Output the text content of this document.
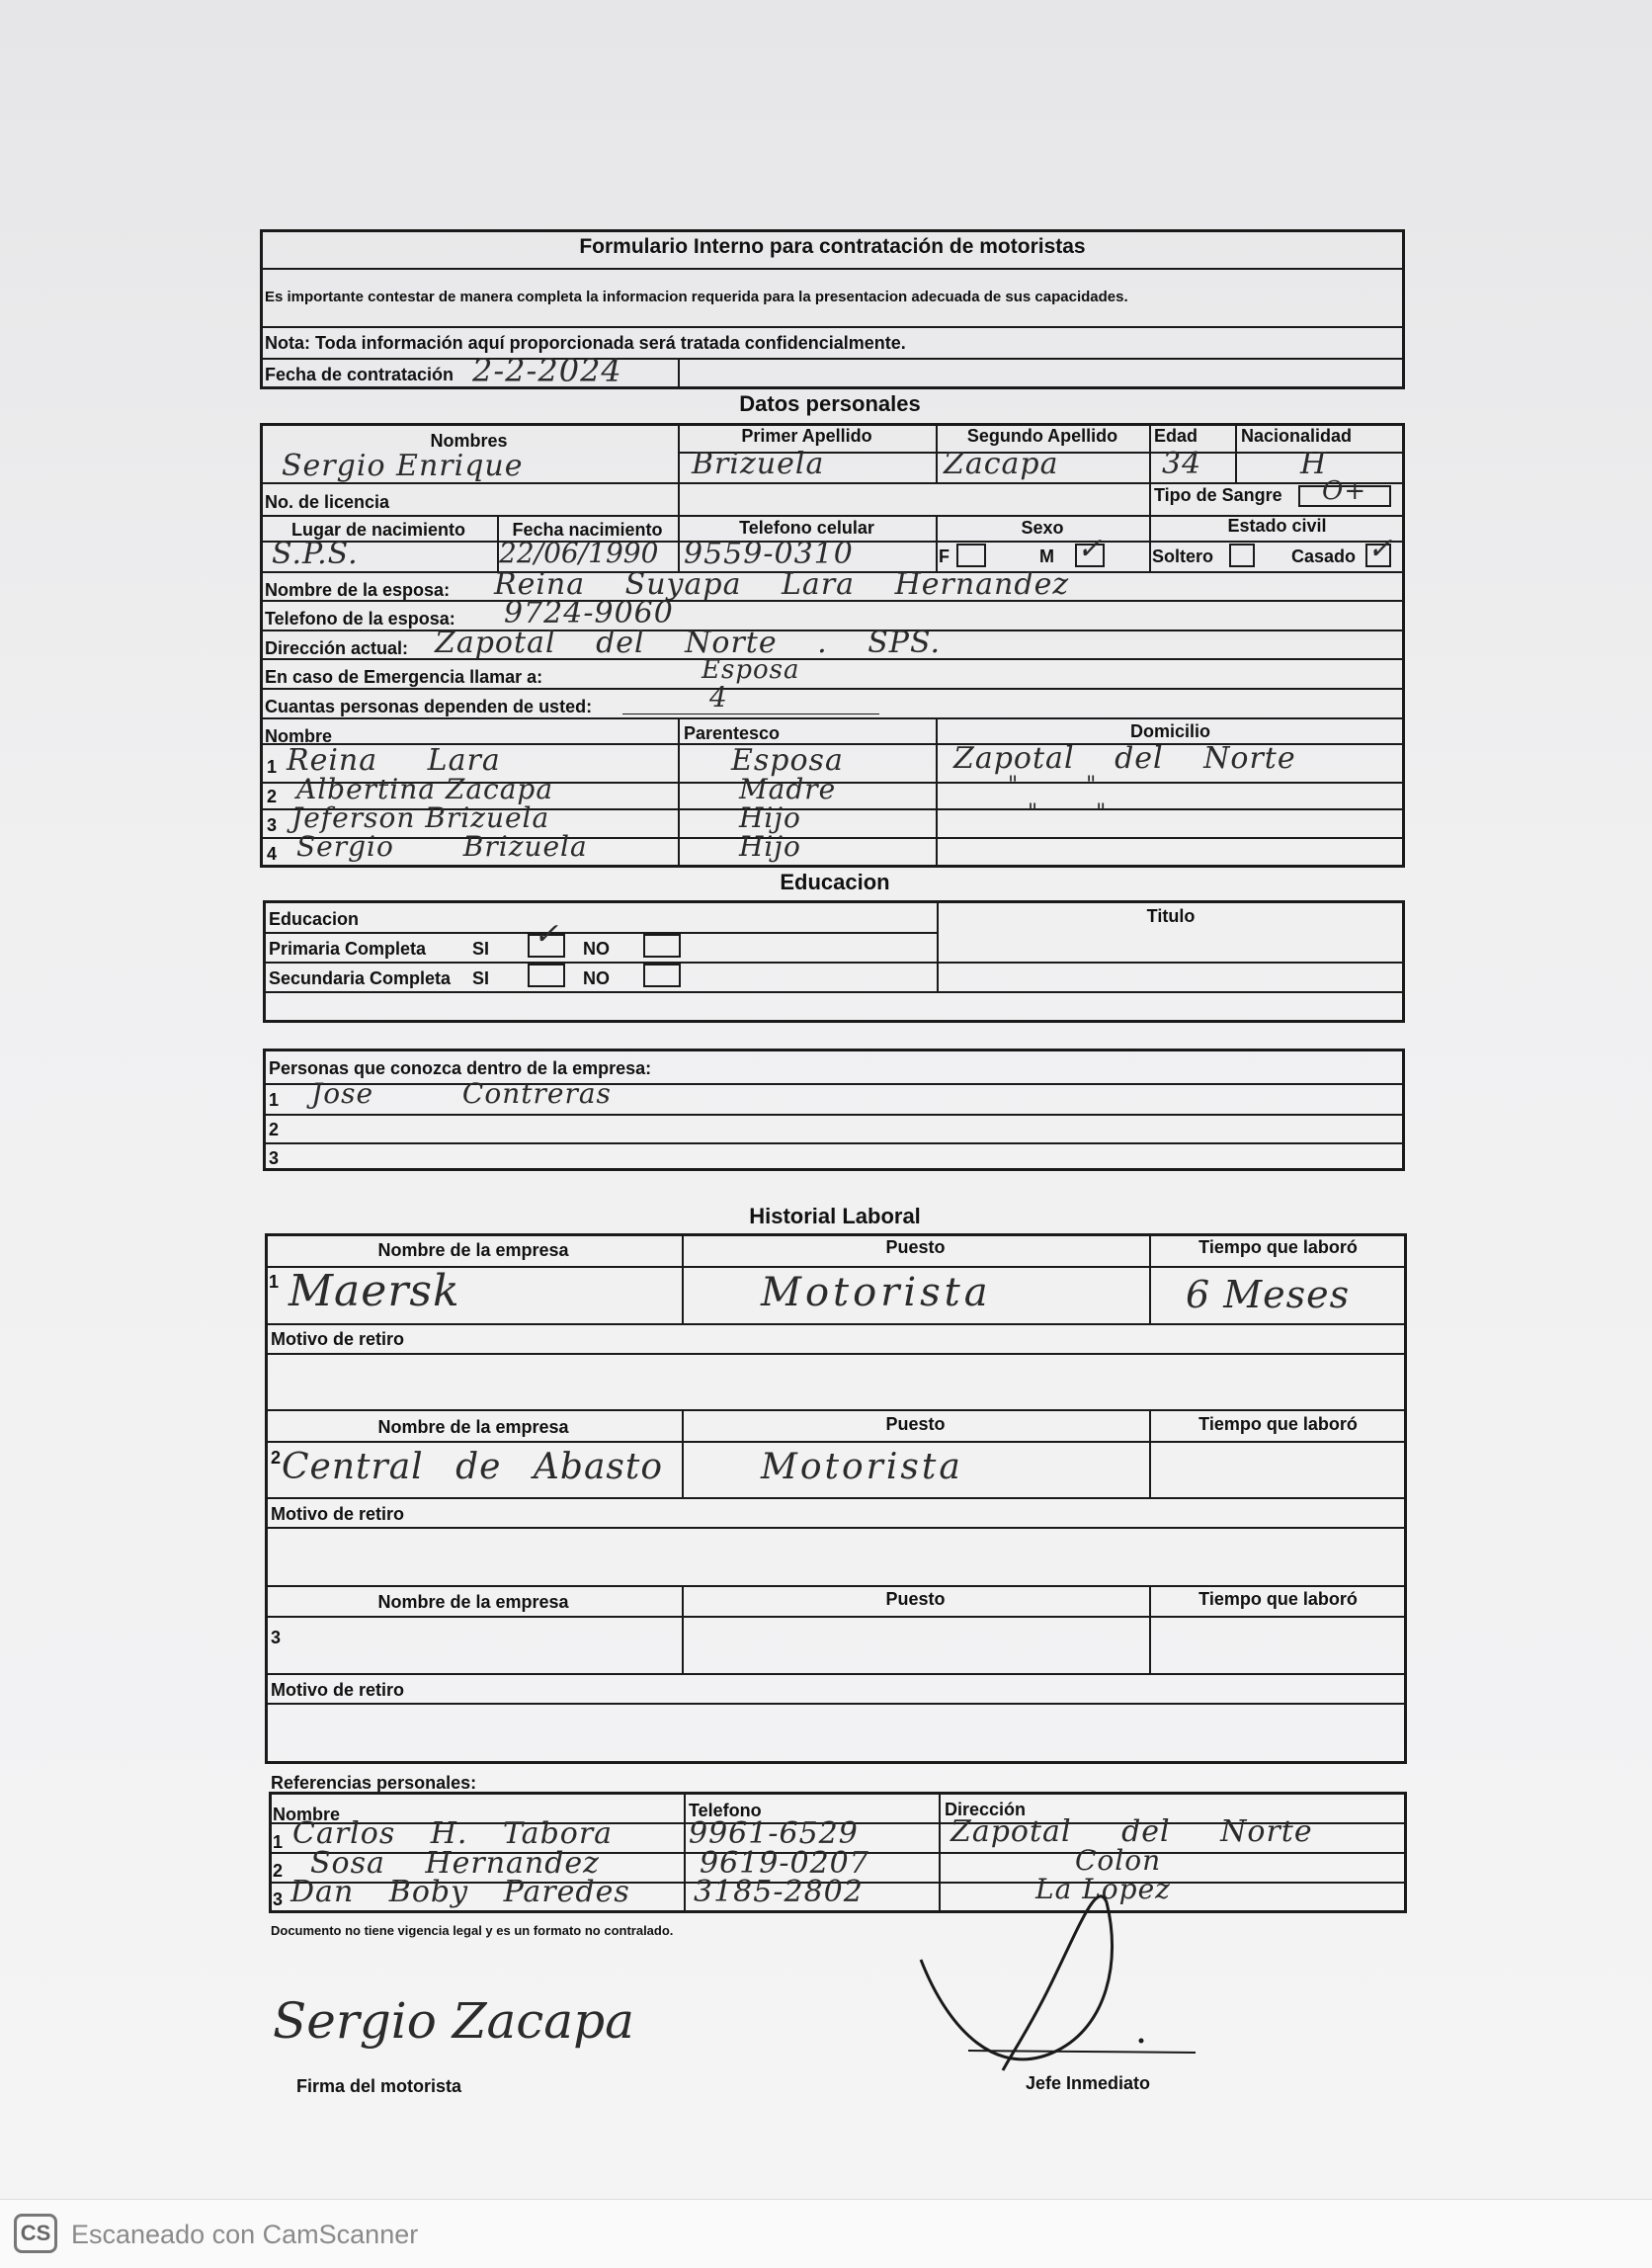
Formulario Interno para contratación de motoristas
Es importante contestar de manera completa la informacion requerida para la presentacion adecuada de sus capacidades.
Nota: Toda información aquí proporcionada será tratada confidencialmente.
Fecha de contratación 2-2-2024
Datos personales
Nombres	Primer Apellido	Segundo Apellido	Edad Nacionalidad
Sergio Enrique	Brizuela	Zacapa	34	H
No. de licencia	Tipo de Sangre O+
Lugar de nacimiento	Fecha nacimiento	Telefono celular	Sexo	Estado civil
S.P.S.	22/06/1990 9559-0310	F	M ✓	Soltero	Casado ✓
Nombre de la esposa: Reina Suyapa Lara Hernandez
Telefono de la esposa: 9724-9060
Dirección actual: Zapotal del Norte . SPS.
En caso de Emergencia llamar a:	Esposa
Cuantas personas dependen de usted:	4
Nombre	Parentesco	Domicilio
1 Reina Lara	Esposa	Zapotal del Norte
2 Albertina Zacapa	Madre	" "
3 Jeferson Brizuela	Hijo	" "
4 Sergio Brizuela	Hijo
Educacion
Educacion	Titulo
Primaria Completa	SI ✓ NO
Secundaria Completa SI	NO
Personas que conozca dentro de la empresa:
1 Jose Contreras
2
3
Historial Laboral
Nombre de la empresa	Puesto	Tiempo que laboró
1 Maersk	Motorista	6 Meses
Motivo de retiro
Nombre de la empresa	Puesto	Tiempo que laboró
2 Central de Abasto	Motorista
Motivo de retiro
Nombre de la empresa	Puesto	Tiempo que laboró
3
Motivo de retiro
Referencias personales:
Nombre	Telefono	Dirección
1 Carlos H. Tabora	9961-6529	Zapotal del Norte
2 Sosa Hernandez	9619-0207	Colon
3 Dan Boby Paredes 3185-2802	La Lopez
Documento no tiene vigencia legal y es un formato no contralado.
Sergio Zacapa
Firma del motorista	Jefe Inmediato
CS Escaneado con CamScanner
